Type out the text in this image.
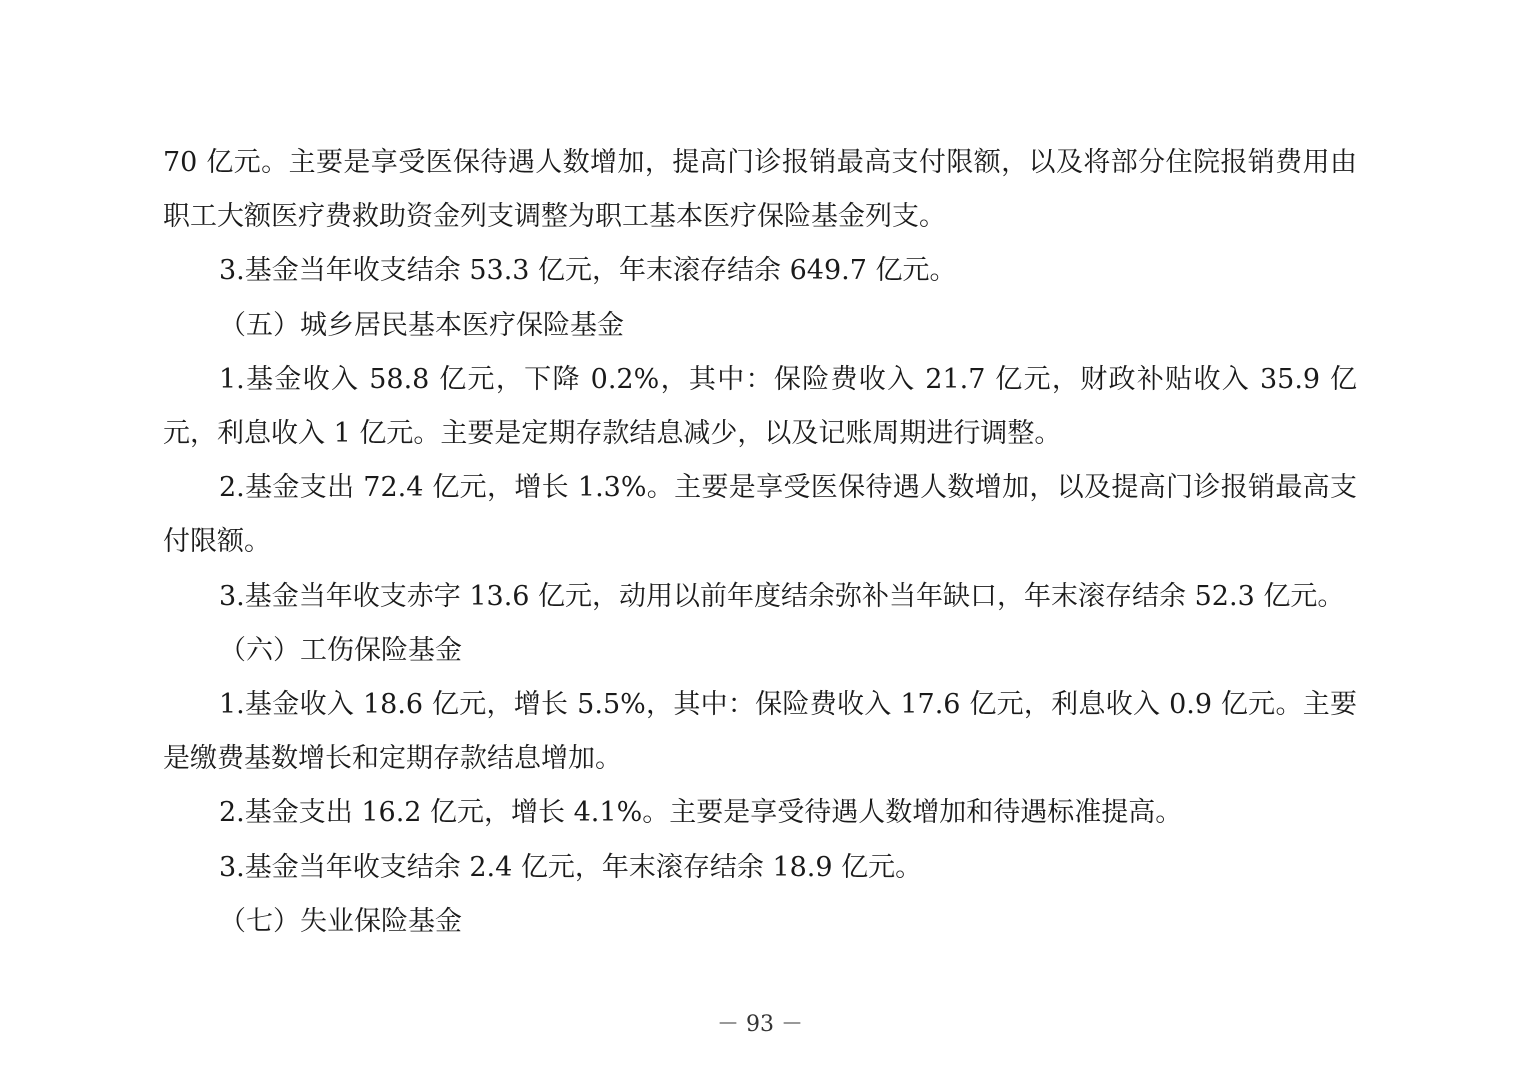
70 亿元。主要是享受医保待遇人数增加，提高门诊报销最高支付限额，以及将部分住院报销费用由职工大额医疗费救助资金列支调整为职工基本医疗保险基金列支。

3.基金当年收支结余 53.3 亿元，年末滚存结余 649.7 亿元。

（五）城乡居民基本医疗保险基金

1.基金收入 58.8 亿元，下降 0.2%，其中：保险费收入 21.7 亿元，财政补贴收入 35.9 亿元，利息收入 1 亿元。主要是定期存款结息减少，以及记账周期进行调整。

2.基金支出 72.4 亿元，增长 1.3%。主要是享受医保待遇人数增加，以及提高门诊报销最高支付限额。

3.基金当年收支赤字 13.6 亿元，动用以前年度结余弥补当年缺口，年末滚存结余 52.3 亿元。

（六）工伤保险基金

1.基金收入 18.6 亿元，增长 5.5%，其中：保险费收入 17.6 亿元，利息收入 0.9 亿元。主要是缴费基数增长和定期存款结息增加。

2.基金支出 16.2 亿元，增长 4.1%。主要是享受待遇人数增加和待遇标准提高。

3.基金当年收支结余 2.4 亿元，年末滚存结余 18.9 亿元。

（七）失业保险基金

－ 93 －
